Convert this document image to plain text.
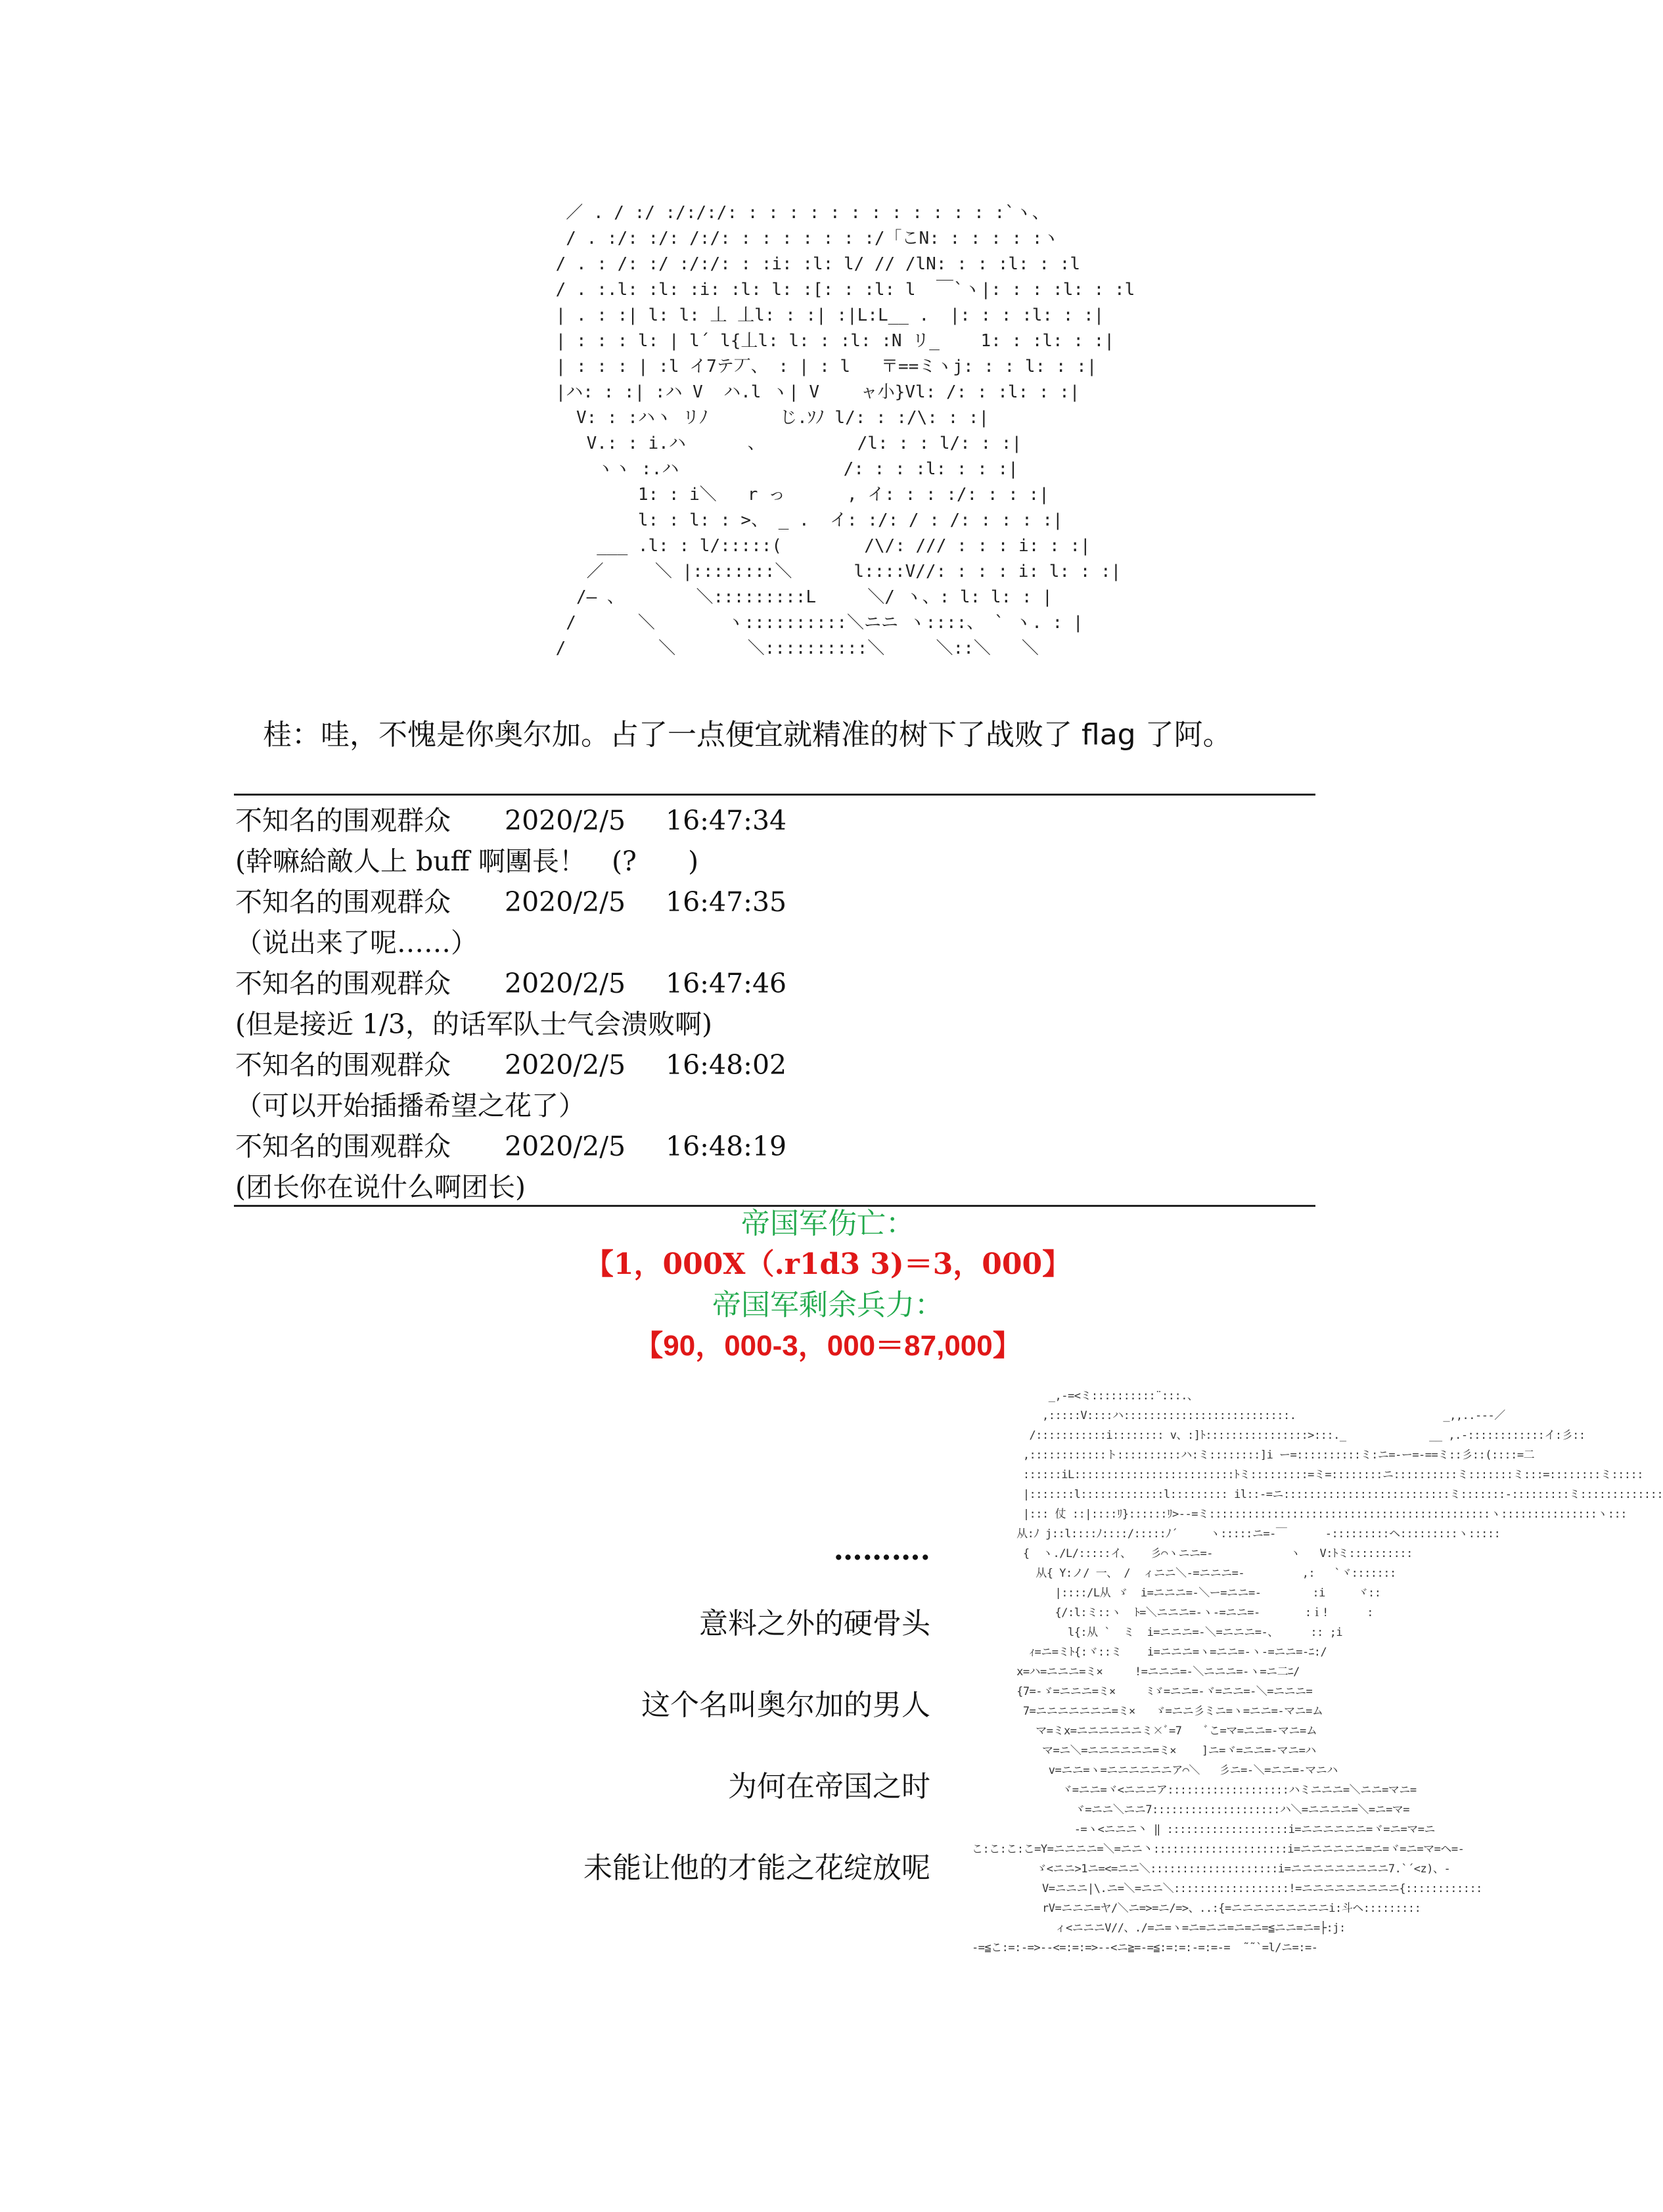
／ . / :/ :/:/:/: : : : : : : : : : : : : :`ヽ、
/ . :/: :/: /:/: : : : : : : :/「こN: : : : : :ヽ
/ . : /: :/ :/:/: : :i: :l: l/ // /lN: : : :l: : :l
/ . :.l: :l: :i: :l: l: :[: : :l: l  ￣`ヽ|: : : :l: : :l
| . : :| l: l: 丄 丄l: : :| :|L:L__ .  |: : : :l: : :|
| : : : l: | l´ l{丄l: l: : :l: :N リ_    1: : :l: : :|
| : : : | :l イ7テ丆、 : | : l   〒==ミヽj: : : l: : :|
|ハ: : :| :ハ V  ハ.l ヽ| V    ャ小}Vl: /: : :l: : :|
V: : :ハヽ リﾉ       じ.ｿﾉ l/: : :/\: : :|
V.: : i.ハ      、         /l: : : l/: : :|
ヽヽ :.ハ                /: : : :l: : : :|
1: : i＼   r っ      , イ: : : :/: : : :|
l: : l: : >、 _ .  イ: :/: / : /: : : : :|
___ .l: : l/:::::(        /\/: /// : : : i: : :|
／     ＼ |::::::::＼      l::::V//: : : : i: l: : :|
/— 、       ＼:::::::::L     ＼/ ヽ、: l: l: : |
/      ＼       ヽ::::::::::＼ニニ ヽ::::、 ` ヽ. : |
/         ＼       ＼::::::::::＼     ＼::＼   ＼
桂：哇，不愧是你奥尔加。占了一点便宜就精准的树下了战败了 flag 了阿。
不知名的围观群众 2020/2/5 16:47:34
(幹嘛給敵人上 buff 啊團長！   (?      )
不知名的围观群众 2020/2/5 16:47:35
（说出来了呢……）
不知名的围观群众 2020/2/5 16:47:46
(但是接近 1/3，的话军队士气会溃败啊)
不知名的围观群众 2020/2/5 16:48:02
（可以开始插播希望之花了）
不知名的围观群众 2020/2/5 16:48:19
(团长你在说什么啊团长)
帝国军伤亡：
【1，000X（.r1d3 3)＝3，000】
帝国军剩余兵力：
【90，000-3，000＝87,000】
……….
意料之外的硬骨头
这个名叫奥尔加的男人
为何在帝国之时
未能让他的才能之花绽放呢
_,-=<ミ::::::::::¨:::.、
,:::::V::::ハ::::::::::::::::::::::::::.                       _,,..-‐‐／
/:::::::::::i:::::::: v、:]ﾄ::::::::::::::::>:::._             __ ,.-::::::::::::イ:彡::
,::::::::::::ト::::::::::ハ:ミ::::::::]i ー=::::::::::ミ:ニ=-ー=-==ミ::彡::(::::=二
::::::iL:::::::::::::::::::::::::ﾄミ:::::::::=ミ=::::::::ニ::::::::::ミ:::::::ミ:::=::::::::ミ:::::
|:::::::l:::::::::::::l::::::::: il::-=ニ::::::::::::::::::::::::::ミ:::::::-:::::::::ミ:::::::::::::
|::: 仗 ::|::::ﾘ}::::::ﾘ>--=ミ::::::::::::::::::::::::::::::::::::::::::::ヽ:::::::::::::::ヽ:::
从:ﾉ j::l::::ﾉ::::/:::::ﾉ´     ヽ:::::ニ=-￣      -:::::::::ヘ:::::::::ヽ:::::
{  ヽ./L/:::::イ、   彡⌒ヽニニ=-            ヽ   V:ﾄミ::::::::::
从{ Y:ノ/ 一、 /  ィニニ＼-=ニニニ=-         ,:   `ヾ:::::::
|::::/L从 ゞ  i=ニニニ=-＼ー=ニニ=-        :i     ヾ::
{/:l:ミ::ヽ  ﾄ=＼ニニニ=-ヽ-=ニニ=-       :ｉ!      :
l{:从 `  ミ  i=ニニニ=-＼=ニニニ=-、     :: ;i
ｨ=ニ=ミﾄ{:ヾ::ミ    i=ニニニ=ヽ=ニニ=-ヽ-=ニニ=-ﾆ:/
x=ハ=ニニニ=ミ×     !=ニニニ=-＼ニニニ=-ヽ=ニ二ﾆ/
{7=-ゞ=ニニニ=ミ×     ﾐゞ=ニニ=-ヾ=ニニ=-＼=ニニニ=
7=ニニニニニニニ=ミ×   ゞ=ニニ彡ミニ=ヽ=ニニ=-マニ=ム
マ=ミx=ニニニニニニミ×ﾞ=7    ﾞこ=マ=ニニ=-マニ=ム
マ=ニ＼=ニニニニニニ=ミ×    ]ニ=ヾ=ニニ=-マニ=ハ
v=ニニ=ヽ=ニニニニニニア⌒＼   彡ニ=-＼=ニニ=-マニハ
ヾ=ニニ=ヾ<ニニニア:::::::::::::::::::ハミニニニ=＼ニニ=マニ=
ヾ=ニニ＼ニニ7::::::::::::::::::::ハ＼=ニニニニ=＼=ニ=マ=
-=ヽ<ニニニ丶 ‖ :::::::::::::::::::i=ニニニニニニ=ヾ=ニ=マ=ニ
こ:こ:こ:こ=Y=ニニニニ=＼=ニニ丶:::::::::::::::::::::i=ニニニニニニ=ニ=ヾ=ニ=マ=ヘ=-
ゞ<ニニ>1ニ=<=ニニ＼::::::::::::::::::::i=ニニニニニニニニニ7.`´<z)、-
V=ニニニ|\.ニ=＼=ニニ＼::::::::::::::::::!=ニニニニニニニニニ{::::::::::::
rV=ニニニ=ヤ/＼ニ=>=ニ/=>、..:{=ニニニニニニニニニi:斗ヘ:::::::::
ィ<ニニニV//、./=ニ=ヽ=ニ=ニニ=ニ=ニ=≦ニニ=ニ=├:j:
-=≦こ:=:-=>--<=:=:=>--<ニ≧=-=≦:=:=:-=:=-=  ˜˜`=l/ニ=:=-
